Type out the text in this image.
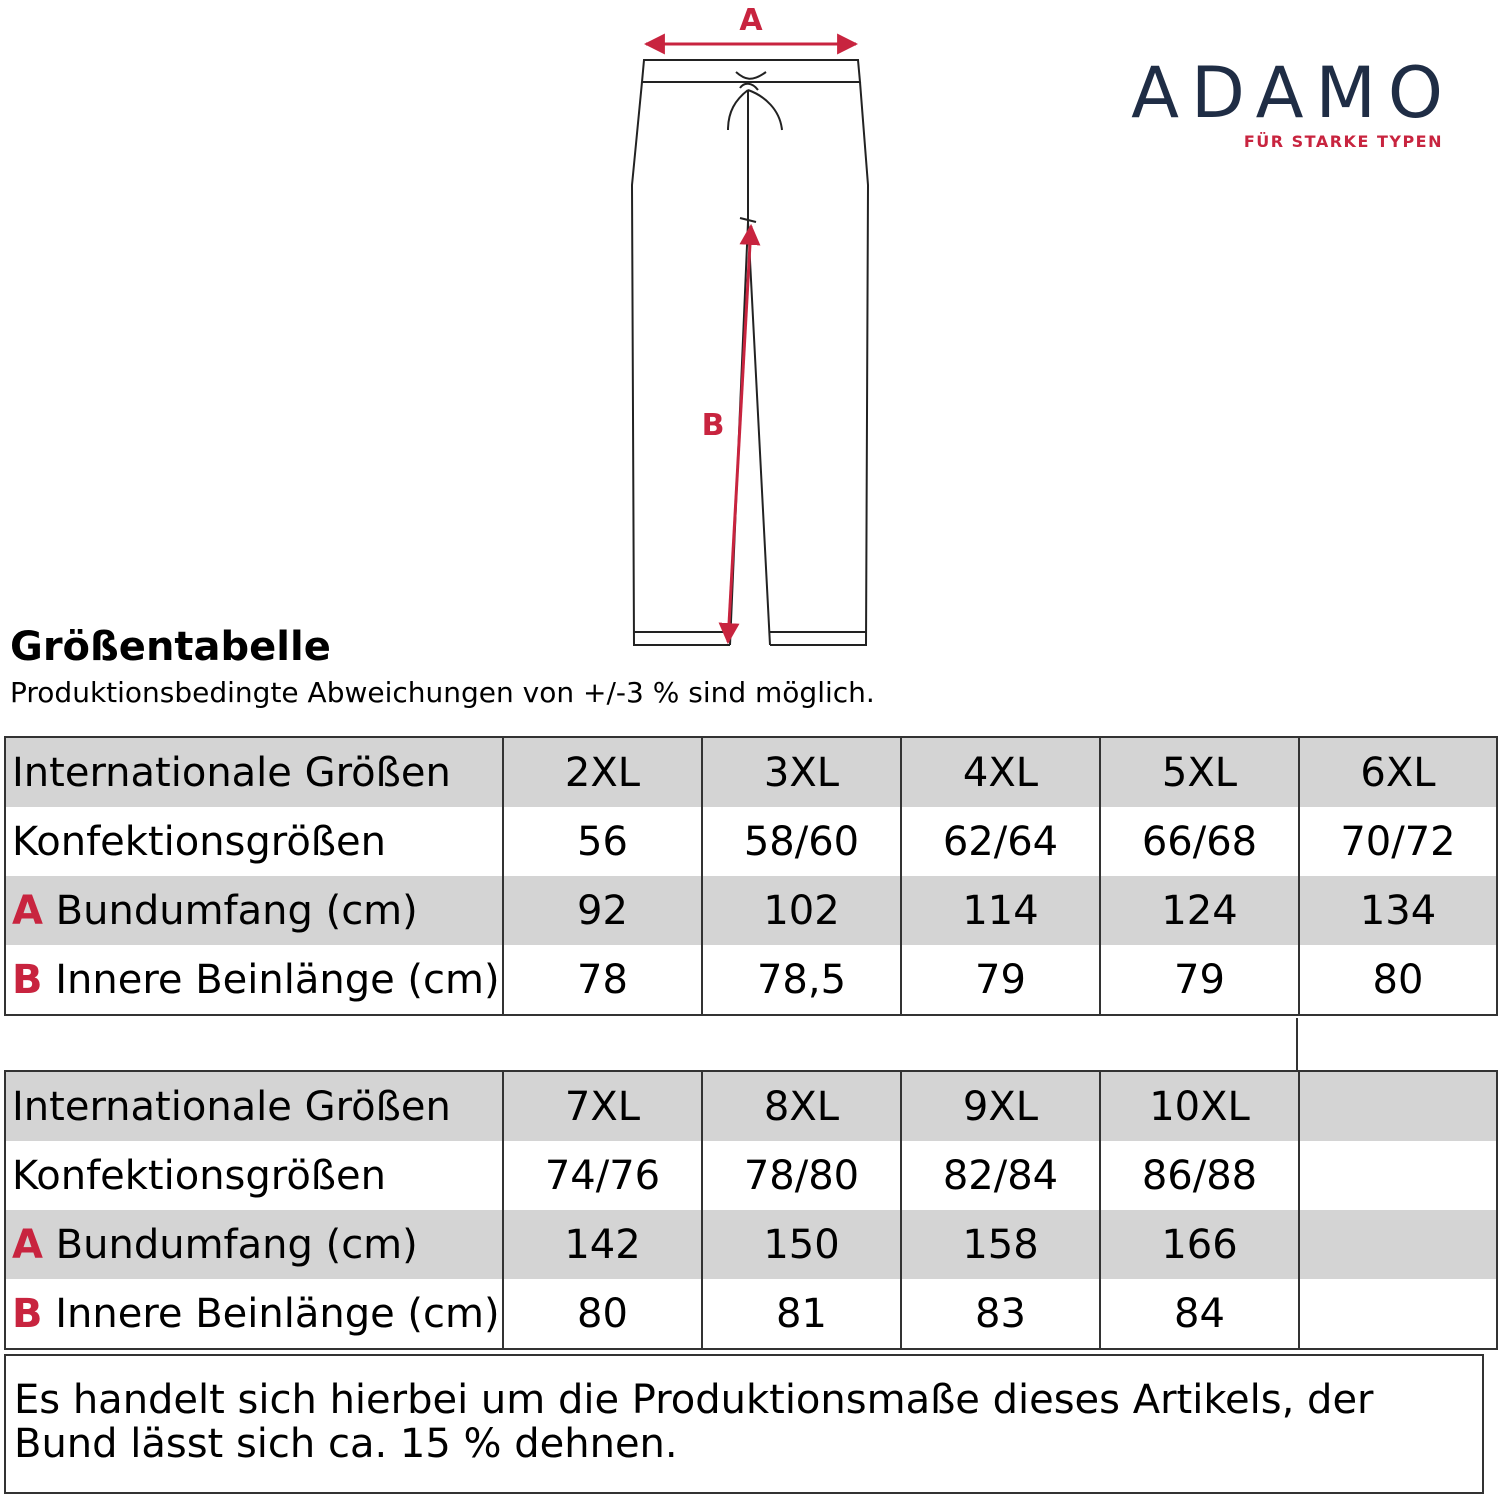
A
B
ADAMO
FÜR STARKE TYPEN
Größentabelle
Produktionsbedingte Abweichungen von +/-3 % sind möglich.
Internationale Größen	2XL	3XL	4XL	5XL	6XL
Konfektionsgrößen	56	58/60	62/64	66/68	70/72
A Bundumfang (cm)	92	102	114	124	134
B Innere Beinlänge (cm)	78	78,5	79	79	80
Internationale Größen	7XL	8XL	9XL	10XL	
Konfektionsgrößen	74/76	78/80	82/84	86/88	
A Bundumfang (cm)	142	150	158	166	
B Innere Beinlänge (cm)	80	81	83	84	
Es handelt sich hierbei um die Produktionsmaße dieses Artikels, der Bund lässt sich ca. 15 % dehnen.
